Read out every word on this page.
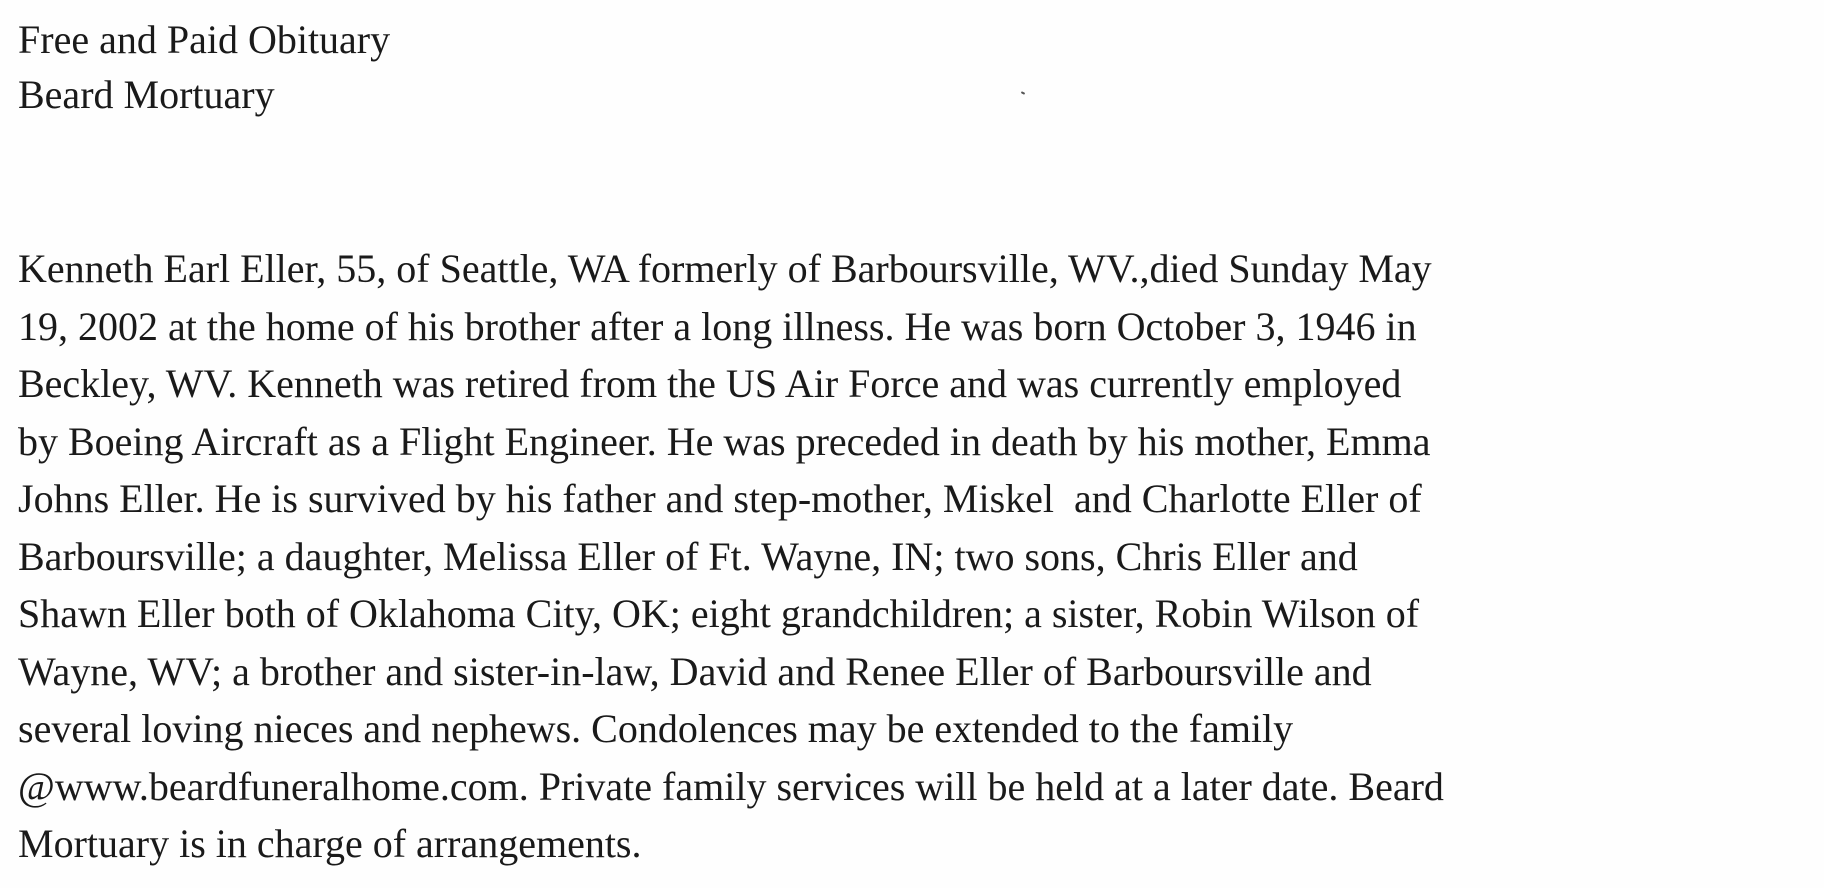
Free and Paid Obituary
Beard Mortuary
Kenneth Earl Eller, 55, of Seattle, WA formerly of Barboursville, WV.,died Sunday May
19, 2002 at the home of his brother after a long illness. He was born October 3, 1946 in
Beckley, WV. Kenneth was retired from the US Air Force and was currently employed
by Boeing Aircraft as a Flight Engineer. He was preceded in death by his mother, Emma
Johns Eller. He is survived by his father and step-mother, Miskel  and Charlotte Eller of
Barboursville; a daughter, Melissa Eller of Ft. Wayne, IN; two sons, Chris Eller and
Shawn Eller both of Oklahoma City, OK; eight grandchildren; a sister, Robin Wilson of
Wayne, WV; a brother and sister-in-law, David and Renee Eller of Barboursville and
several loving nieces and nephews. Condolences may be extended to the family
@www.beardfuneralhome.com. Private family services will be held at a later date. Beard
Mortuary is in charge of arrangements.
